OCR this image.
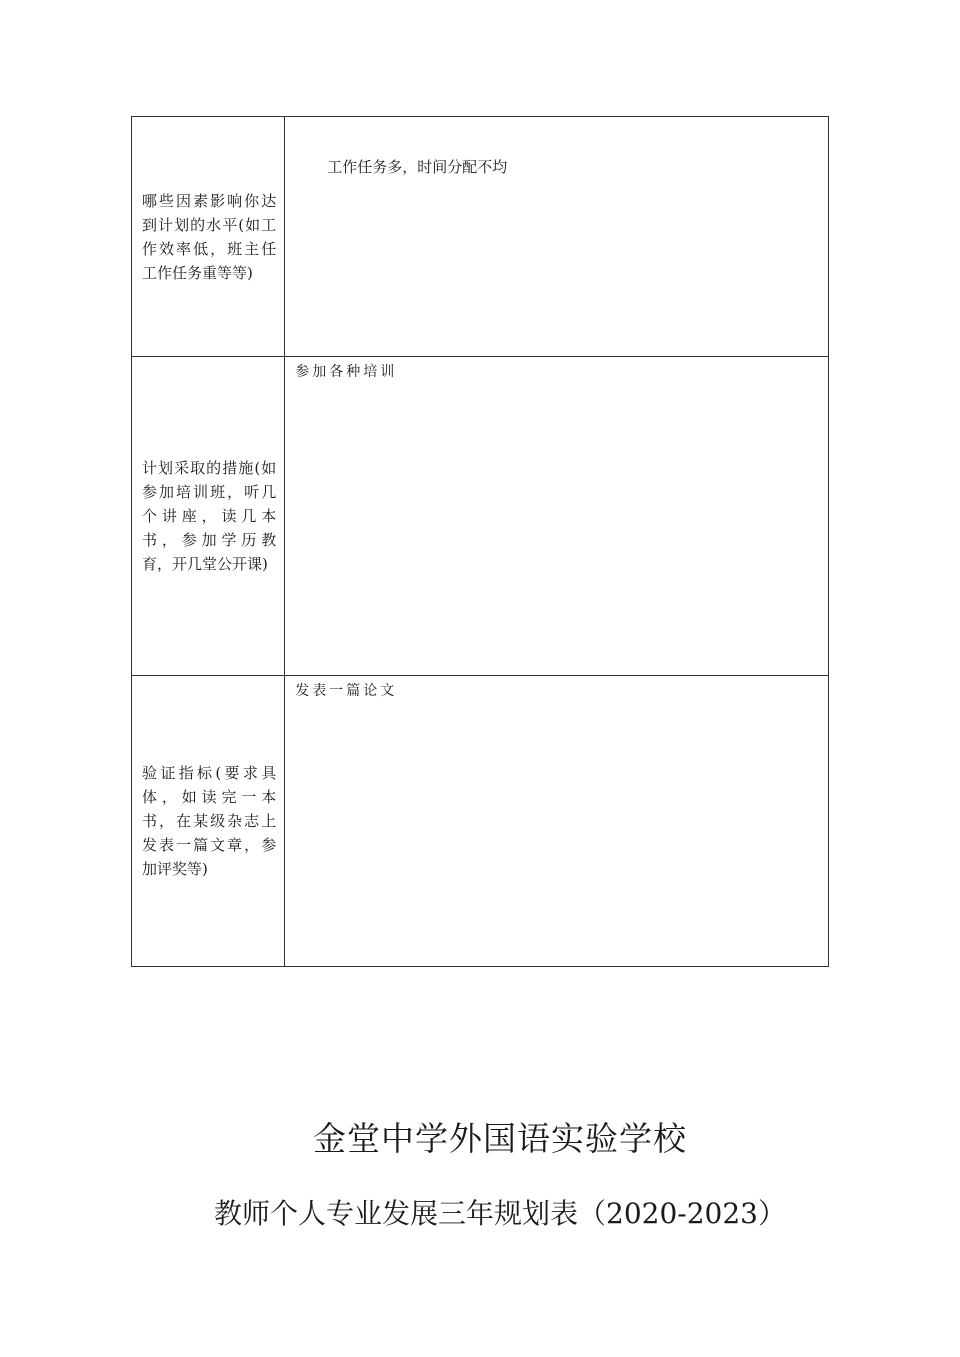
哪些因素影响你达到计划的水平(如工作效率低，班主任工作任务重等等)	工作任务多，时间分配不均

计划采取的措施(如参加培训班，听几个讲座，读几本书，参加学历教育，开几堂公开课)	参加各种培训

验证指标(要求具体，如读完一本书，在某级杂志上发表一篇文章，参加评奖等)	发表一篇论文
金堂中学外国语实验学校
教师个人专业发展三年规划表（2020-2023）
